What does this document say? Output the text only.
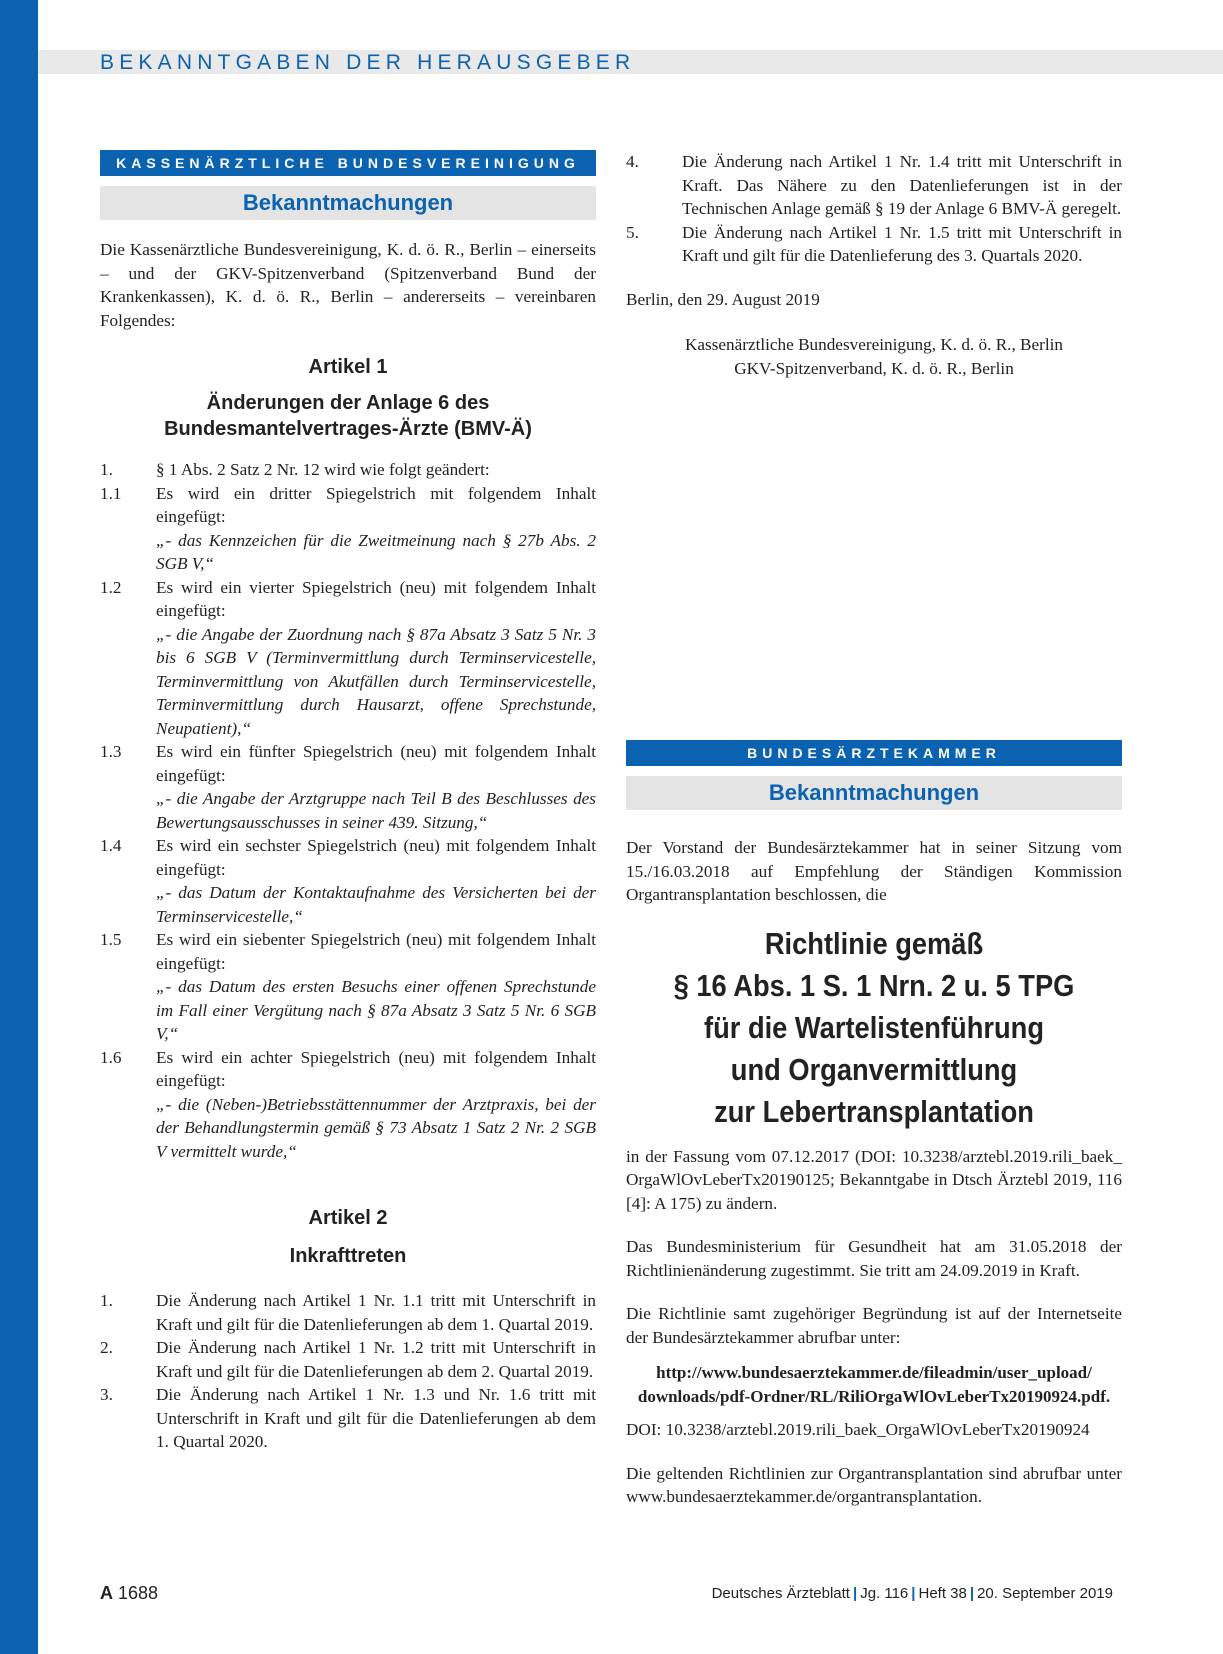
BEKANNTGABEN DER HERAUSGEBER
KASSENÄRZTLICHE BUNDESVEREINIGUNG
Bekanntmachungen

Die Kassenärztliche Bundesvereinigung, K. d. ö. R., Berlin – einerseits – und der GKV-Spitzenverband (Spitzenverband Bund der Krankenkassen), K. d. ö. R., Berlin – andererseits – vereinbaren Folgendes:

Artikel 1
Änderungen der Anlage 6 des Bundesmantelvertrages-Ärzte (BMV-Ä)
1.	§ 1 Abs. 2 Satz 2 Nr. 12 wird wie folgt geändert:
1.1 Es wird ein dritter Spiegelstrich mit folgendem Inhalt eingefügt:
„- das Kennzeichen für die Zweitmeinung nach § 27b Abs. 2 SGB V,“
1.2 Es wird ein vierter Spiegelstrich (neu) mit folgendem Inhalt eingefügt:
„- die Angabe der Zuordnung nach § 87a Absatz 3 Satz 5 Nr. 3 bis 6 SGB V (Terminvermittlung durch Terminservicestelle, Terminvermittlung von Akutfällen durch Terminservicestelle, Terminvermittlung durch Hausarzt, offene Sprechstunde, Neupatient),“
1.3 Es wird ein fünfter Spiegelstrich (neu) mit folgendem Inhalt eingefügt:
„- die Angabe der Arztgruppe nach Teil B des Beschlusses des Bewertungsausschusses in seiner 439. Sitzung,“
1.4 Es wird ein sechster Spiegelstrich (neu) mit folgendem Inhalt eingefügt:
„- das Datum der Kontaktaufnahme des Versicherten bei der Terminservicestelle,“
1.5 Es wird ein siebenter Spiegelstrich (neu) mit folgendem Inhalt eingefügt:
„- das Datum des ersten Besuchs einer offenen Sprechstunde im Fall einer Vergütung nach § 87a Absatz 3 Satz 5 Nr. 6 SGB V,“
1.6 Es wird ein achter Spiegelstrich (neu) mit folgendem Inhalt eingefügt:
„- die (Neben-)Betriebsstättennummer der Arztpraxis, bei der der Behandlungstermin gemäß § 73 Absatz 1 Satz 2 Nr. 2 SGB V vermittelt wurde,“
Artikel 2
Inkrafttreten
1.	Die Änderung nach Artikel 1 Nr. 1.1 tritt mit Unterschrift in Kraft und gilt für die Datenlieferungen ab dem 1. Quartal 2019.
2.	Die Änderung nach Artikel 1 Nr. 1.2 tritt mit Unterschrift in Kraft und gilt für die Datenlieferungen ab dem 2. Quartal 2019.
3.	Die Änderung nach Artikel 1 Nr. 1.3 und Nr. 1.6 tritt mit Unterschrift in Kraft und gilt für die Datenlieferungen ab dem 1. Quartal 2020.
4.	Die Änderung nach Artikel 1 Nr. 1.4 tritt mit Unterschrift in Kraft. Das Nähere zu den Datenlieferungen ist in der Technischen Anlage gemäß § 19 der Anlage 6 BMV-Ä geregelt.
5.	Die Änderung nach Artikel 1 Nr. 1.5 tritt mit Unterschrift in Kraft und gilt für die Datenlieferung des 3. Quartals 2020.

Berlin, den 29. August 2019

Kassenärztliche Bundesvereinigung, K. d. ö. R., Berlin
GKV-Spitzenverband, K. d. ö. R., Berlin
BUNDESÄRZTEKAMMER
Bekanntmachungen

Der Vorstand der Bundesärztekammer hat in seiner Sitzung vom 15./16.03.2018 auf Empfehlung der Ständigen Kommission Organtransplantation beschlossen, die

Richtlinie gemäß
§ 16 Abs. 1 S. 1 Nrn. 2 u. 5 TPG
für die Wartelistenführung
und Organvermittlung
zur Lebertransplantation

in der Fassung vom 07.12.2017 (DOI: 10.3238/arztebl.2019.rili_baek_OrgaWlOvLeberTx20190125; Bekanntgabe in Dtsch Ärztebl 2019, 116 [4]: A 175) zu ändern.

Das Bundesministerium für Gesundheit hat am 31.05.2018 der Richtlinienänderung zugestimmt. Sie tritt am 24.09.2019 in Kraft.

Die Richtlinie samt zugehöriger Begründung ist auf der Internetseite der Bundesärztekammer abrufbar unter:

http://www.bundesaerztekammer.de/fileadmin/user_upload/
downloads/pdf-Ordner/RL/RiliOrgaWlOvLeberTx20190924.pdf.

DOI: 10.3238/arztebl.2019.rili_baek_OrgaWlOvLeberTx20190924

Die geltenden Richtlinien zur Organtransplantation sind abrufbar unter www.bundesaerztekammer.de/organtransplantation.

A 1688	Deutsches Ärzteblatt | Jg. 116 | Heft 38 | 20. September 2019
